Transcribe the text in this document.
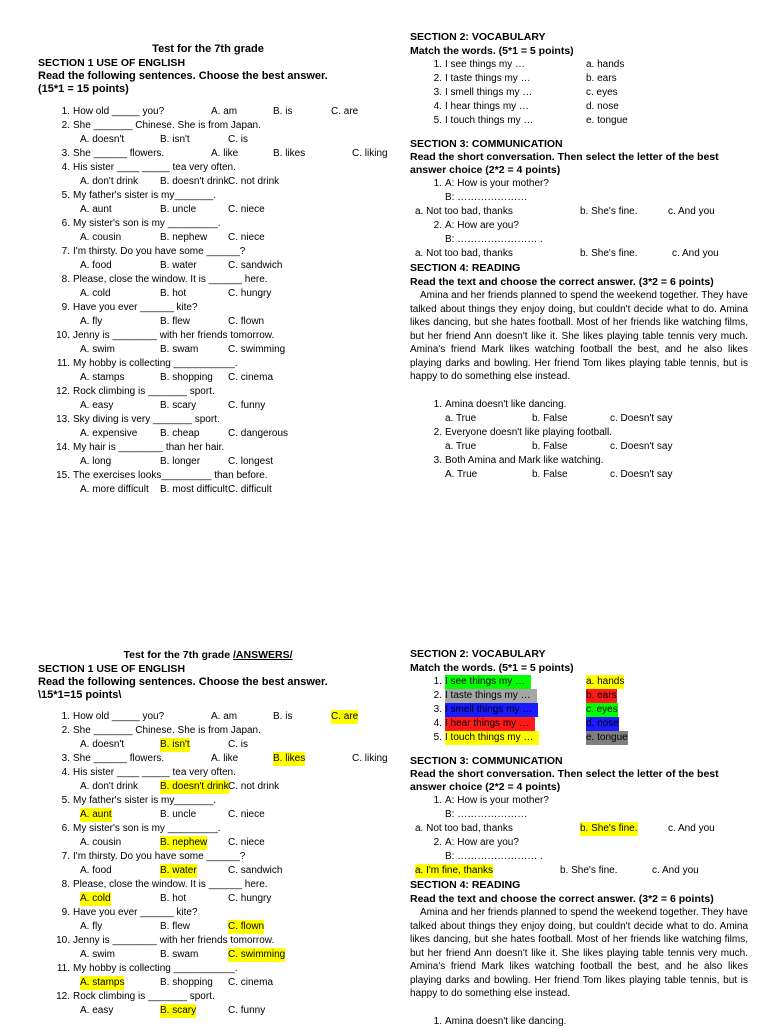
Test for the 7th grade
SECTION 1 USE OF ENGLISH
Read the following sentences. Choose the best answer.
(15*1 = 15 points)
1. How old _____ you?	A. am	B. is	C. are
2. She _______ Chinese. She is from Japan.
A. doesn't	B. isn't	C. is
3. She ______ flowers.	A. like	B. likes	C. liking
4. His sister ____ _____ tea very often.
A. don't drink B. doesn't drink C. not drink
5. My father's sister is my_______.
A. aunt	B. uncle	C. niece
6. My sister's son is my _________.
A. cousin	B. nephew C. niece
7. I'm thirsty. Do you have some ______?
A. food	B. water	C. sandwich
8. Please, close the window. It is ______ here.
A. cold	B. hot	C. hungry
9. Have you ever ______ kite?
A. fly	B. flew	C. flown
10. Jenny is ________ with her friends tomorrow.
A. swim	B. swam	C. swimming
11. My hobby is collecting ___________.
A. stamps	B. shopping C. cinema
12. Rock climbing is _______ sport.
A. easy	B. scary	C. funny
13. Sky diving is very _______ sport.
A. expensive B. cheap	C. dangerous
14. My hair is ________ than her hair.
A. long	B. longer	C. longest
15. The exercises looks_________ than before.
A. more difficult B. most difficult C. difficult
SECTION 2: VOCABULARY
Match the words. (5*1 = 5 points)
1. I see things my …	a. hands
2. I taste things my …	b. ears
3. I smell things my …	c. eyes
4. I hear things my …	d. nose
5. I touch things my …	e. tongue
SECTION 3: COMMUNICATION
Read the short conversation. Then select the letter of the best answer choice (2*2 = 4 points)
1. A: How is your mother?
B: …………………
a. Not too bad, thanks	b. She's fine.	c. And you
2. A: How are you?
B: …………………… .
a. Not too bad, thanks	b. She's fine.	c. And you
SECTION 4: READING
Read the text and choose the correct answer. (3*2 = 6 points)
Amina and her friends planned to spend the weekend together. They have talked about things they enjoy doing, but couldn't decide what to do. Amina likes dancing, but she hates football. Most of her friends like watching films, but her friend Ann doesn't like it. She likes playing table tennis very much. Amina's friend Mark likes watching football the best, and he also likes playing darks and bowling. Her friend Tom likes playing table tennis, but is happy to do something else instead.
1. Amina doesn't like dancing.
a. True	b. False	c. Doesn't say
2. Everyone doesn't like playing football.
a. True	b. False	c. Doesn't say
3. Both Amina and Mark like watching.
A. True	b. False	c. Doesn't say
Test for the 7th grade /ANSWERS/
SECTION 1 USE OF ENGLISH
Read the following sentences. Choose the best answer.
\15*1=15 points\
1. How old _____ you?	A. am	B. is	C. are
2. She _______ Chinese. She is from Japan.
A. doesn't	B. isn't	C. is
3. She ______ flowers.	A. like	B. likes	C. liking
4. His sister ____ _____ tea very often.
A. don't drink B. doesn't drink C. not drink
5. My father's sister is my_______.
A. aunt	B. uncle	C. niece
6. My sister's son is my _________.
A. cousin	B. nephew C. niece
7. I'm thirsty. Do you have some ______?
A. food	B. water	C. sandwich
8. Please, close the window. It is ______ here.
A. cold	B. hot	C. hungry
9. Have you ever ______ kite?
A. fly	B. flew	C. flown
10. Jenny is ________ with her friends tomorrow.
A. swim	B. swam	C. swimming
11. My hobby is collecting ___________.
A. stamps	B. shopping C. cinema
12. Rock climbing is _______ sport.
A. easy	B. scary	C. funny
SECTION 2: VOCABULARY
Match the words. (5*1 = 5 points)
1. I see things my …	a. hands
2. I taste things my …	b. ears
3. I smell things my …	c. eyes
4. I hear things my …	d. nose
5. I touch things my …	e. tongue
SECTION 3: COMMUNICATION
Read the short conversation. Then select the letter of the best answer choice (2*2 = 4 points)
1. A: How is your mother?
B: …………………
a. Not too bad, thanks	b. She's fine.	c. And you
2. A: How are you?
B: …………………… .
a. I'm fine, thanks	b. She's fine.	c. And you
SECTION 4: READING
Read the text and choose the correct answer. (3*2 = 6 points)
Amina and her friends planned to spend the weekend together. They have talked about things they enjoy doing, but couldn't decide what to do. Amina likes dancing, but she hates football. Most of her friends like watching films, but her friend Ann doesn't like it. She likes playing table tennis very much. Amina's friend Mark likes watching football the best, and he also likes playing darks and bowling. Her friend Tom likes playing table tennis, but is happy to do something else instead.
1. Amina doesn't like dancing.
